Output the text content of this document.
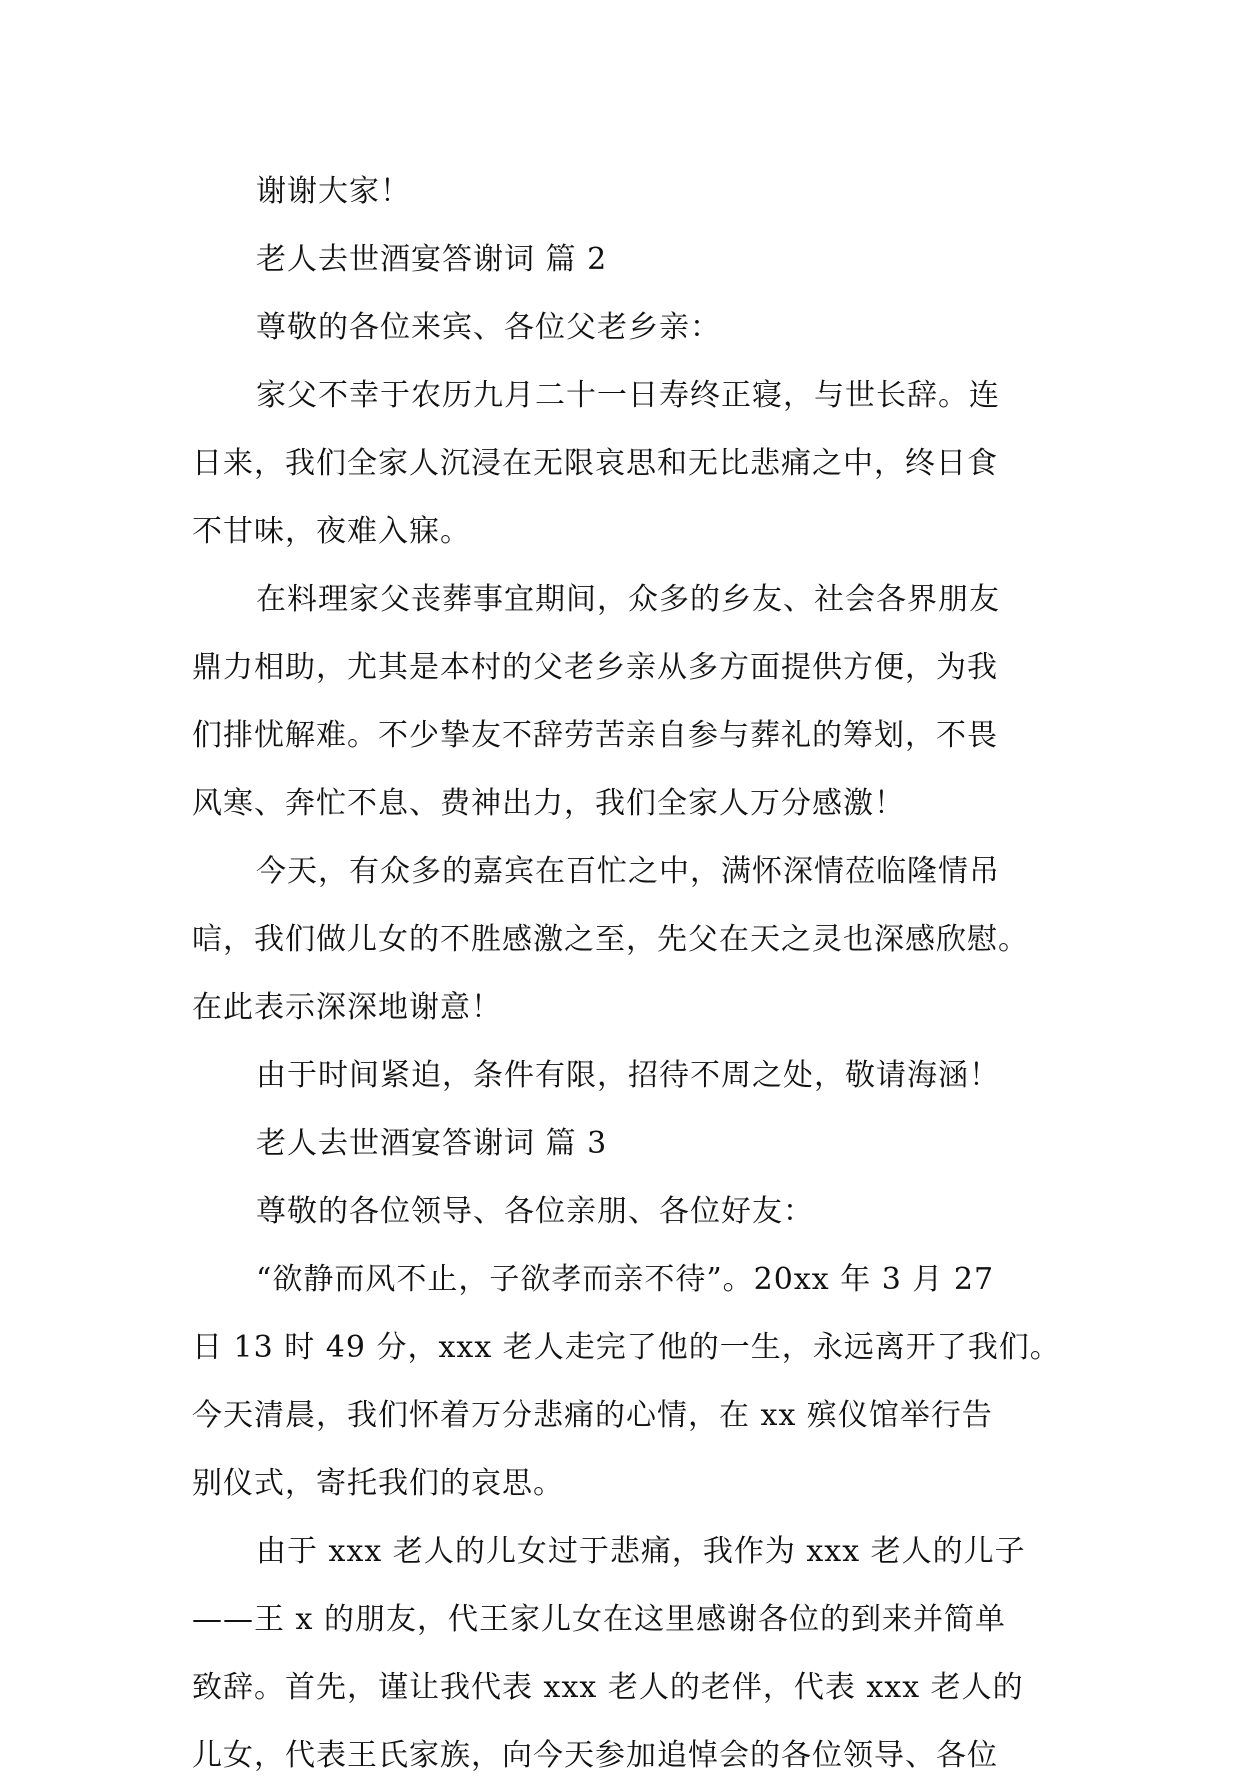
谢谢大家！
老人去世酒宴答谢词 篇 2
尊敬的各位来宾、各位父老乡亲：
家父不幸于农历九月二十一日寿终正寝，与世长辞。连
日来，我们全家人沉浸在无限哀思和无比悲痛之中，终日食
不甘味，夜难入寐。
在料理家父丧葬事宜期间，众多的乡友、社会各界朋友
鼎力相助，尤其是本村的父老乡亲从多方面提供方便，为我
们排忧解难。不少挚友不辞劳苦亲自参与葬礼的筹划，不畏
风寒、奔忙不息、费神出力，我们全家人万分感激！
今天，有众多的嘉宾在百忙之中，满怀深情莅临隆情吊
唁，我们做儿女的不胜感激之至，先父在天之灵也深感欣慰。
在此表示深深地谢意！
由于时间紧迫，条件有限，招待不周之处，敬请海涵！
老人去世酒宴答谢词 篇 3
尊敬的各位领导、各位亲朋、各位好友：
“欲静而风不止，子欲孝而亲不待”。20xx 年 3 月 27
日 13 时 49 分，xxx 老人走完了他的一生，永远离开了我们。
今天清晨，我们怀着万分悲痛的心情，在 xx 殡仪馆举行告
别仪式，寄托我们的哀思。
由于 xxx 老人的儿女过于悲痛，我作为 xxx 老人的儿子
——王 x 的朋友，代王家儿女在这里感谢各位的到来并简单
致辞。首先，谨让我代表 xxx 老人的老伴，代表 xxx 老人的
儿女，代表王氏家族，向今天参加追悼会的各位领导、各位
